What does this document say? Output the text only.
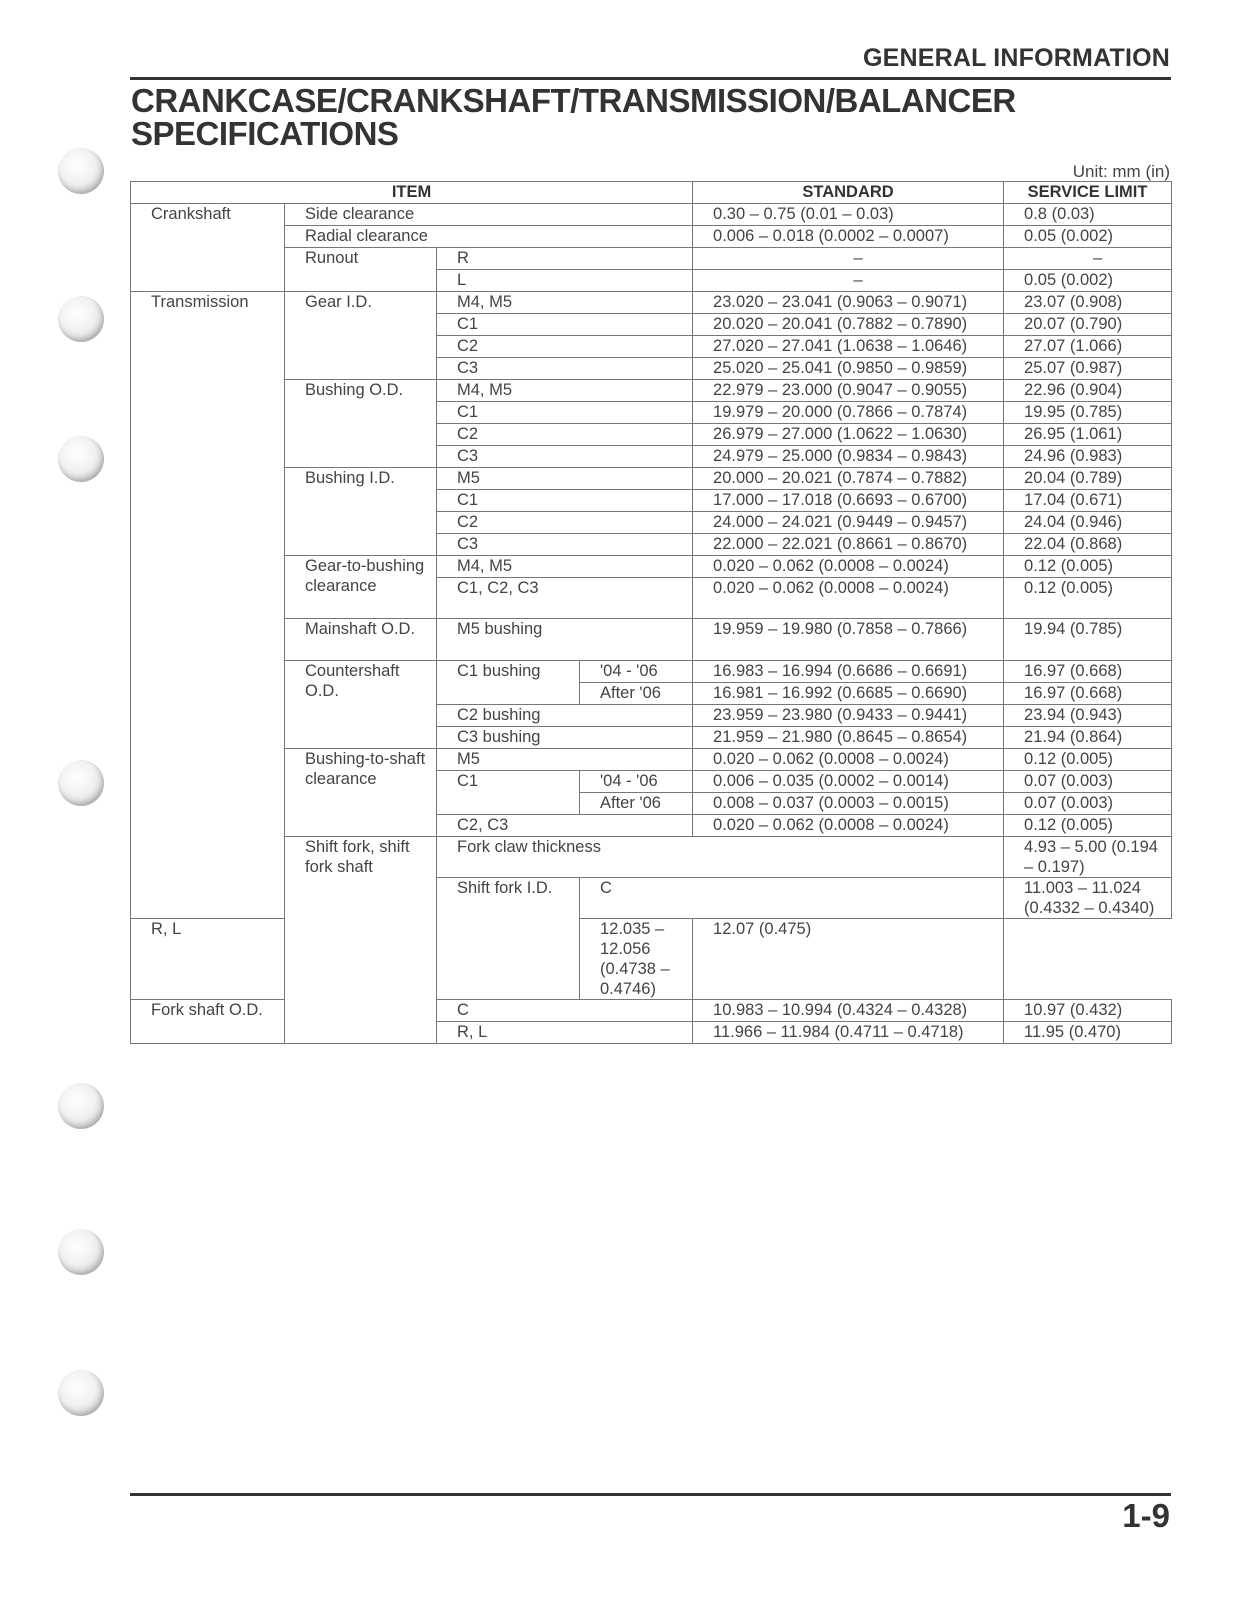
GENERAL INFORMATION
CRANKCASE/CRANKSHAFT/TRANSMISSION/BALANCER
SPECIFICATIONS
Unit: mm (in)
ITEM				STANDARD	SERVICE LIMIT	
Crankshaft	Side clearance			0.30 – 0.75 (0.01 – 0.03)	0.8 (0.03)	
	Radial clearance			0.006 – 0.018 (0.0002 – 0.0007)	0.05 (0.002)	
	Runout	R		–	–	
		L		–	0.05 (0.002)	
Transmission	Gear I.D.	M4, M5		23.020 – 23.041 (0.9063 – 0.9071)	23.07 (0.908)	
		C1		20.020 – 20.041 (0.7882 – 0.7890)	20.07 (0.790)	
		C2		27.020 – 27.041 (1.0638 – 1.0646)	27.07 (1.066)	
		C3		25.020 – 25.041 (0.9850 – 0.9859)	25.07 (0.987)	
	Bushing O.D.	M4, M5		22.979 – 23.000 (0.9047 – 0.9055)	22.96 (0.904)	
		C1		19.979 – 20.000 (0.7866 – 0.7874)	19.95 (0.785)	
		C2		26.979 – 27.000 (1.0622 – 1.0630)	26.95 (1.061)	
		C3		24.979 – 25.000 (0.9834 – 0.9843)	24.96 (0.983)	
	Bushing I.D.	M5		20.000 – 20.021 (0.7874 – 0.7882)	20.04 (0.789)	
		C1		17.000 – 17.018 (0.6693 – 0.6700)	17.04 (0.671)	
		C2		24.000 – 24.021 (0.9449 – 0.9457)	24.04 (0.946)	
		C3		22.000 – 22.021 (0.8661 – 0.8670)	22.04 (0.868)	
	Gear-to-bushing clearance	M4, M5		0.020 – 0.062 (0.0008 – 0.0024)	0.12 (0.005)	
		C1, C2, C3		0.020 – 0.062 (0.0008 – 0.0024)	0.12 (0.005)	
	Mainshaft O.D.	M5 bushing		19.959 – 19.980 (0.7858 – 0.7866)	19.94 (0.785)	
	Countershaft O.D.	C1 bushing	'04 - '06	16.983 – 16.994 (0.6686 – 0.6691)	16.97 (0.668)	
			After '06	16.981 – 16.992 (0.6685 – 0.6690)	16.97 (0.668)	
		C2 bushing		23.959 – 23.980 (0.9433 – 0.9441)	23.94 (0.943)	
		C3 bushing		21.959 – 21.980 (0.8645 – 0.8654)	21.94 (0.864)	
	Bushing-to-shaft clearance	M5		0.020 – 0.062 (0.0008 – 0.0024)	0.12 (0.005)	
		C1	'04 - '06	0.006 – 0.035 (0.0002 – 0.0014)	0.07 (0.003)	
			After '06	0.008 – 0.037 (0.0003 – 0.0015)	0.07 (0.003)	
		C2, C3		0.020 – 0.062 (0.0008 – 0.0024)	0.12 (0.005)	
	Shift fork, shift fork shaft	Fork claw thickness			4.93 – 5.00 (0.194 – 0.197)	
		Shift fork I.D.	C		11.003 – 11.024 (0.4332 – 0.4340)	
R, L			12.035 – 12.056 (0.4738 – 0.4746)	12.07 (0.475)		
Fork shaft O.D.		C		10.983 – 10.994 (0.4324 – 0.4328)	10.97 (0.432)	
		R, L		11.966 – 11.984 (0.4711 – 0.4718)	11.95 (0.470)	
1-9
